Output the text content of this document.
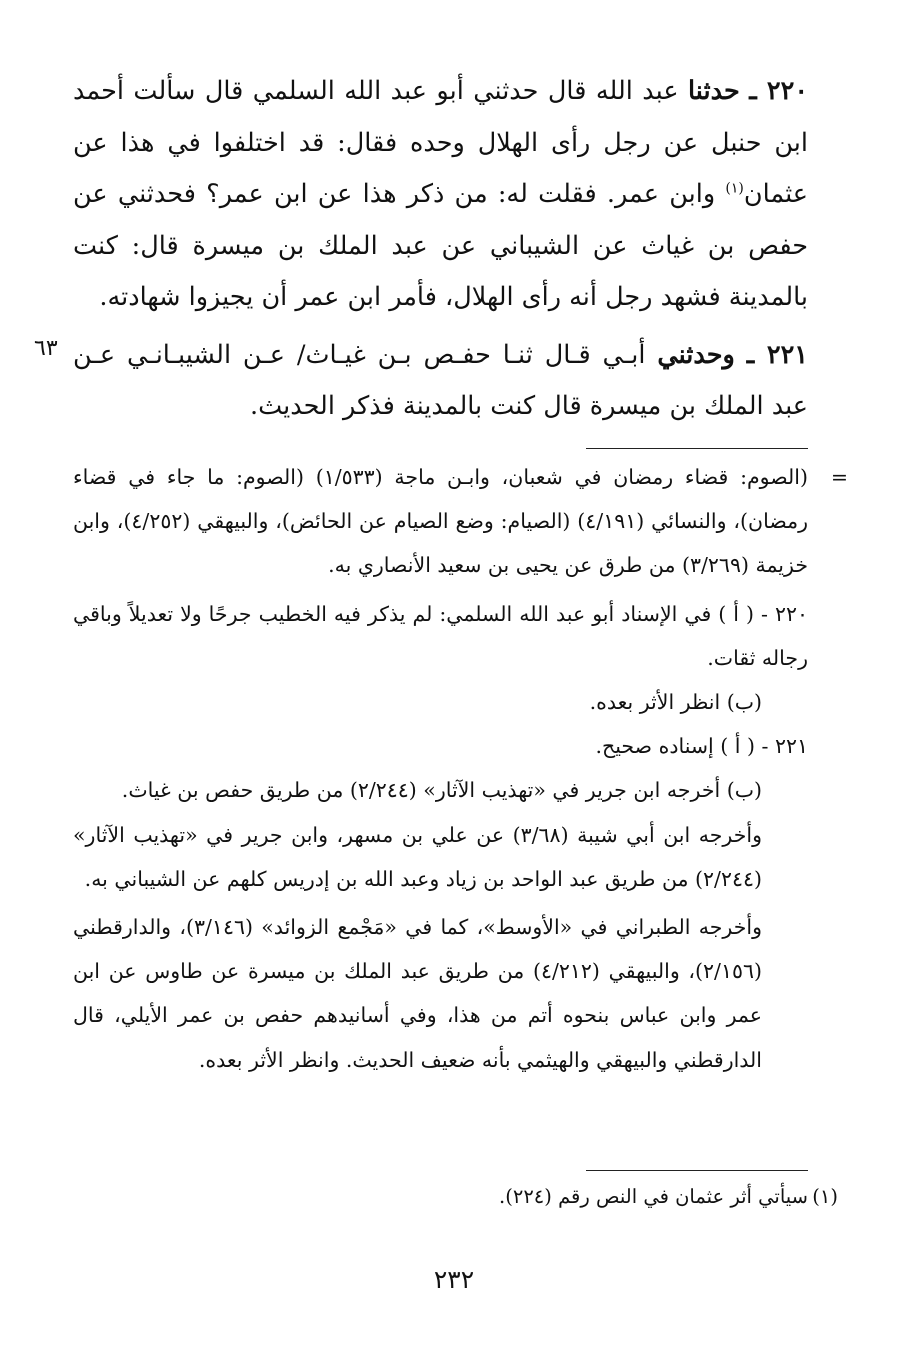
٢٢٠ ـ حدثنا عبد الله قال حدثني أبو عبد الله السلمي قال سألت أحمد ابن حنبل عن رجل رأى الهلال وحده فقال: قد اختلفوا في هذا عن عثمان$^{(١)}$ وابن عمر. فقلت له: من ذكر هذا عن ابن عمر؟ فحدثني عن حفص بن غياث عن الشيباني عن عبد الملك بن ميسرة قال: كنت بالمدينة فشهد رجل أنه رأى الهلال، فأمر ابن عمر أن يجيزوا شهادته.

٢٢١ ـ وحدثني أبـي قـال ثنـا حفـص بـن غيـاث/ عـن الشيبـانـي عـن عبد الملك بن ميسرة قال كنت بالمدينة فذكر الحديث.

٦٣

=
(الصوم: قضاء رمضان في شعبان، وابـن ماجة (١/٥٣٣) (الصوم: ما جاء في قضاء رمضان)، والنسائي (٤/١٩١) (الصيام: وضع الصيام عن الحائض)، والبيهقي (٤/٢٥٢)، وابن خزيمة (٣/٢٦٩) من طرق عن يحيى بن سعيد الأنصاري به.

٢٢٠ - ( أ ) في الإسناد أبو عبد الله السلمي: لم يذكر فيه الخطيب جرحًا ولا تعديلاً وباقي رجاله ثقات.

(ب) انظر الأثر بعده.

٢٢١ - ( أ ) إسناده صحيح.

(ب) أخرجه ابن جرير في «تهذيب الآثار» (٢/٢٤٤) من طريق حفص بن غياث.

وأخرجه ابن أبي شيبة (٣/٦٨) عن علي بن مسهر، وابن جرير في «تهذيب الآثار» (٢/٢٤٤) من طريق عبد الواحد بن زياد وعبد الله بن إدريس كلهم عن الشيباني به.

وأخرجه الطبراني في «الأوسط»، كما في «مَجْمع الزوائد» (٣/١٤٦)، والدارقطني (٢/١٥٦)، والبيهقي (٤/٢١٢) من طريق عبد الملك بن ميسرة عن طاوس عن ابن عمر وابن عباس بنحوه أتم من هذا، وفي أسانيدهم حفص بن عمر الأيلي، قال الدارقطني والبيهقي والهيثمي بأنه ضعيف الحديث. وانظر الأثر بعده.

(١)
سيأتي أثر عثمان في النص رقم (٢٢٤).
٢٣٢
